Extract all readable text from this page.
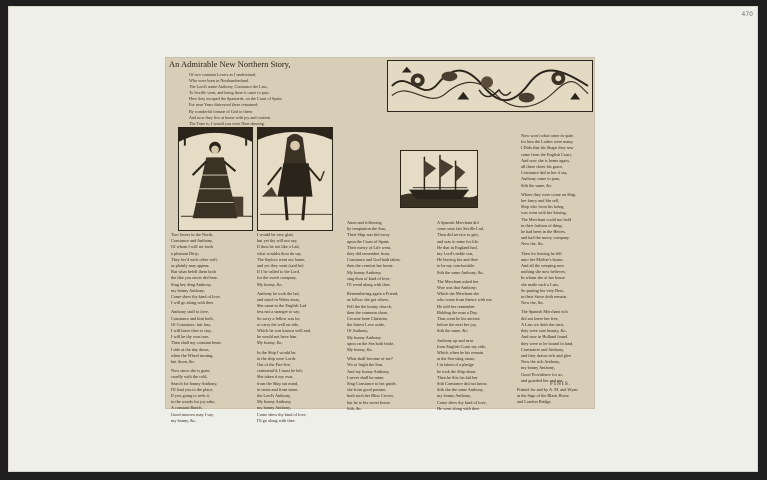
470
An Admirable New Northern Story,
Of two constant Lovers as I understand,
Who were born in Northumberland.
The Lord's name Anthony, Constance the Lass,
To Seville went, and being there it came to pass
How they escaped the Spaniards, on the Coast of Spain
For near Years distressed there remained;
By wonderful fortune of God to them:
And now they live at home with joy and content.
The Tune is, I would you were Nine dancing.
Two lovers in the North,
Constance and Anthony,
Of whom I will set forth
a pleasant Ditty;
They lov'd each other well,
as plainly may appear,
But what befell them both
the like you never did hear.
Sing hey ding Anthony,
my bonny Anthony,
Come shew thy kind of love,
I will go along with thee.
Anthony stuff to love,
Constance and him both,
Of Constance, fair lass,
I will leave thee to stay,
I will be thy own true,
Then shall my constant heart,
I ride at the day dawn,
when the Wheel turning,
but Anon, &c.
Now since she is gone,
cruelly with the cold,
Search for bonny Anthony,
I'll lead you to the place,
If you going to seek it,
in the woods for joy sake,
A constant Bunch,
Good morrow may I say,
my bonny, &c.
I would be very glad,
but yet thy will not say,
If thou be not like a Lad,
what wouldst thou do say,
The Saylors went out home,
and yet they went (said he)
If I be called to the Lord,
for the sweet company.
My bonny, &c.
Anthony he took the lad,
and stayd in Wales away,
She came to the English Lad
less not a stranger to say,
So sorry a fellow was he,
to carry the well on tide,
Which he was known well and,
he would not have him.
My bonny, &c.
In the Ship I would be,
in the ship were Lords
Out of the Fire-fire,
commend'd, I must be left,
She taken it my own,
from the Ship out mind,
in stone and from stone,
the Lord's Anthony,
My bonny Anthony,
my bonny Anthony,
Come shew thy kind of love,
I'll go along with thee.
Anon and following
by temptation the Sun,
Their Ship was hid away
upon the Coast of Spain;
Their merry of Life went,
they did remember from,
Constance and God hath taken,
then the comfort her home.
My bonny Anthony,
sing thou of kind of love,
I'll wend along with thee.
Remembering again a Friend,
as follow she got where,
Fell the the bonny church,
then the common shore,
Crowne hene Christian,
the fairest Love aside,
Of Anthony,
My bonny Anthony,
upon on the Sea both bride,
My bonny, &c.
What shall become of me?
Wo to fright the Sun,
And my bonny Anthony,
I never shall be mine;
Sing Constance to her guide,
she from good pasture,
both such her Bliss Crown,
but he to his sweet home.
Sith, &c.
A Spanish Merchant did
come unto fair Seville Lad,
Thou did service to gett,
and was to mine for life.
He that in England had,
my Lord's noble son,
He leaving her and thee
to be my comfortable:
Sith the same Anthony, &c.
The Merchant asked her
Woe was that Anthony;
Which the Merchant she
who come from thence with me,
He told her remember
Bidding the man a Day,
Thus went he his ancient
before the next her joy,
Sith the same, &c.
Anthony up and near
from English Coast my side,
Which when he his remain
at the Sea-sting cause,
I in token of a pledge
he took the Ship alone,
Then he Sits his bid her
Sith Constance did not know,
Sith she the same Anthony,
my bonny Anthony,
Come shew thy kind of love,
He went along with thee.
Now won't what came in spite,
for him the Ladies were many,
I Dido that his Shape they saw
came from the English Court,
And now she is home again,
all these cheer his grace,
Constance did in her it say,
Anthony came to pass,
Sith the same, &c.
Where they were come on Ship,
her fancy and Sin sell,
Ship who from his being
was went with her kissing,
The Merchant could not hold
in their fashion of thing,
he had been in the Heires,
and had the merry company.
Now the, &c.
Then for leaving he fell
unto her Mother's house,
And all the weeping now
nothing she now believes;
In whom she at her house
she made such a Lass,
So parting her very Rest,
in their Stove doth remain.
Now the, &c.
The Spanish Merchant rich
did not leave her free,
A Lass we doth she trust,
they were sure beauty, &c.
And now in Holland found
they were to be bound in land,
Constancie and Anthony,
and they drawn rich and glee.
Now the rich Anthony,
my bonny Anthony,
Good Providence for us,
and guarded her and me.
FINIS.
Printed for and by A. M. and Wyatt
at the Sign of the Black Horse
and London Bridge.
